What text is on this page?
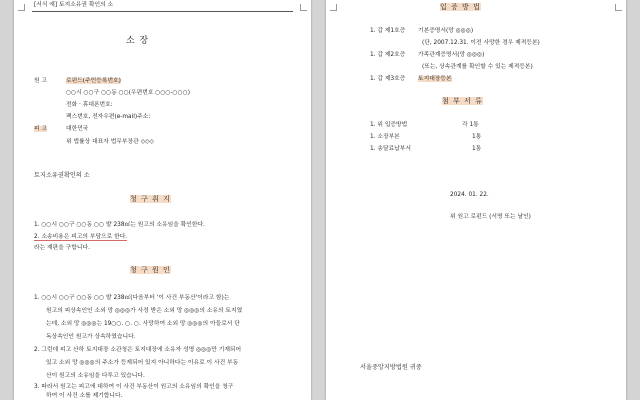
[서식 예] 토지소유권 확인의 소
소 장
원 고	로펀드(주민등록번호)
○○시 ○○구 ○○동 ○○(우편번호 ○○○-○○○)
전화 · 휴대폰번호:
팩스번호, 전자우편(e-mail)주소:
피 고	대한민국
위 법률상 대표자 법무부장관 ◇◇◇
토지소유권확인의 소
청 구 취 지
1. ○○시 ○○구 ○○동 ○○ 밭 238㎡는 원고의 소유임을 확인한다.
2. 소송비용은 피고의 부담으로 한다.
라는 재판을 구합니다.
청 구 원 인
1. ○○시 ○○구 ○○동 ○○ 밭 238㎡(다음부터 '이 사건 부동산'이라고 함)는
원고의 피상속인인 소외 망 ◎◎◎가 사정 받은 소외 망 ◎◎◎의 소유의 토지였
는데, 소외 망 ◎◎◎는 19○○. ○. ○. 사망하여 소외 망 ◎◎◎의 아들로서 단
독상속인인 원고가 상속하였습니다.
2. 그런데 피고 산하 토지대장 소관청은 토지대장에 소유자 성명 ◎◎◎만 기재되어
있고 소외 망 ◎◎◎의 주소가 등재되어 있지 아니하다는 이유로 이 사건 부동
산이 원고의 소유임을 다투고 있습니다.
3. 따라서 원고는 피고에 대하여 이 사건 부동산이 원고의 소유임의 확인을 청구
하여 이 사건 소를 제기합니다.
입 증 방 법
1. 갑 제1호증 기본증명서(망 ◎◎◎)
(단, 2007.12.31. 이전 사망한 경우 제적등본)
1. 갑 제2호증 가족관계증명서(망 ◎◎◎)
(또는, 상속관계를 확인할 수 있는 제적등본)
1. 갑 제3호증 토지대장등본
첨 부 서 류
1. 위 입증방법	각 1통
1. 소장부본	1통
1. 송달료납부서	1통
2024. 01. 22.
위 원고 로펀드 (서명 또는 날인)
서울중앙지방법원 귀중
